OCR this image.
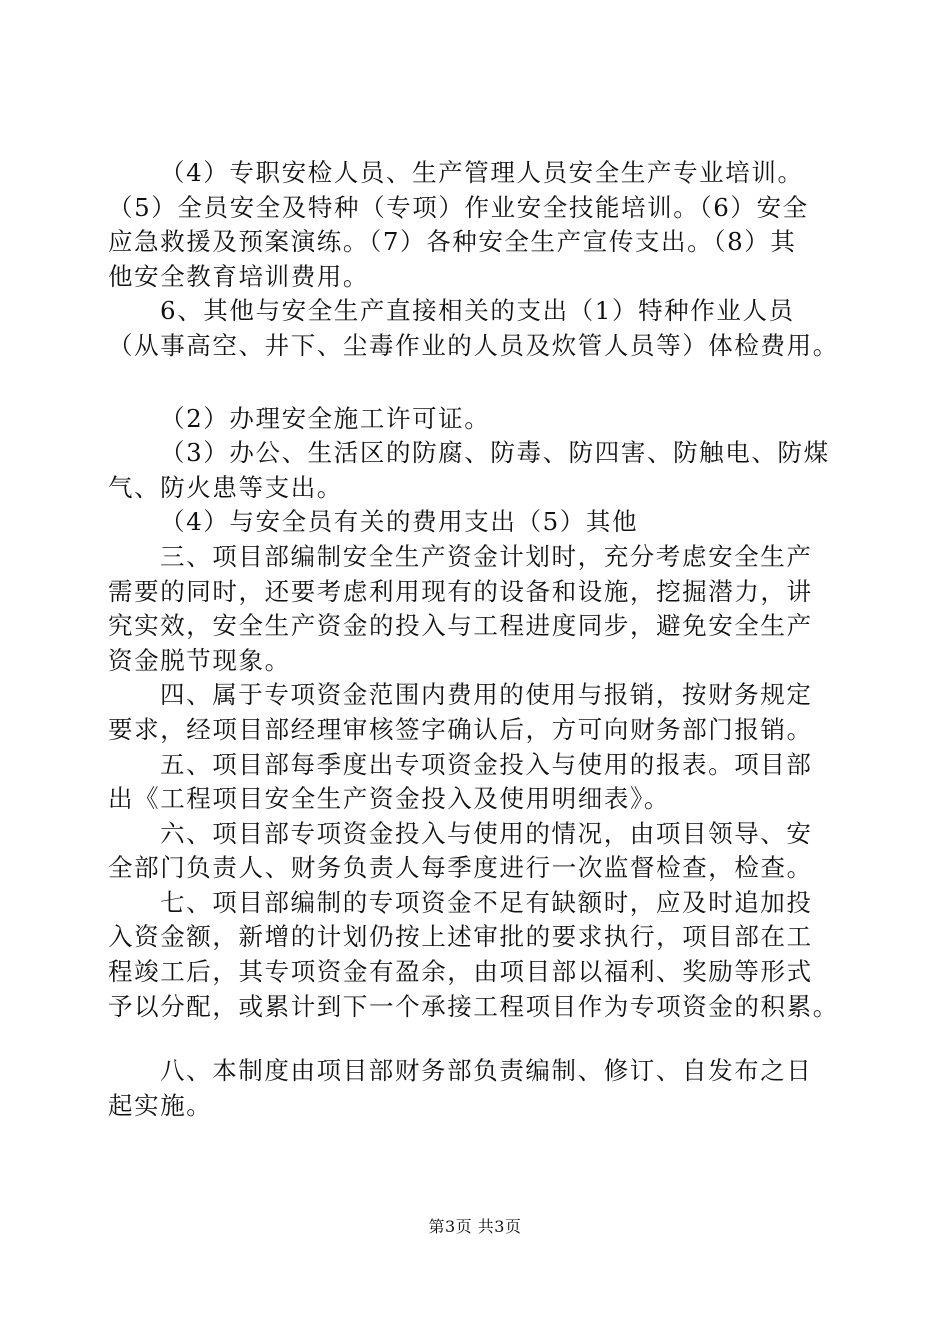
（4）专职安检人员、生产管理人员安全生产专业培训。
（5）全员安全及特种（专项）作业安全技能培训。（6）安全
应急救援及预案演练。（7）各种安全生产宣传支出。（8）其
他安全教育培训费用。
6、其他与安全生产直接相关的支出（1）特种作业人员
（从事高空、井下、尘毒作业的人员及炊管人员等）体检费用。
（2）办理安全施工许可证。
（3）办公、生活区的防腐、防毒、防四害、防触电、防煤
气、防火患等支出。
（4）与安全员有关的费用支出（5）其他
三、项目部编制安全生产资金计划时，充分考虑安全生产
需要的同时，还要考虑利用现有的设备和设施，挖掘潜力，讲
究实效，安全生产资金的投入与工程进度同步，避免安全生产
资金脱节现象。
四、属于专项资金范围内费用的使用与报销，按财务规定
要求，经项目部经理审核签字确认后，方可向财务部门报销。
五、项目部每季度出专项资金投入与使用的报表。项目部
出《工程项目安全生产资金投入及使用明细表》。
六、项目部专项资金投入与使用的情况，由项目领导、安
全部门负责人、财务负责人每季度进行一次监督检查，检查。
七、项目部编制的专项资金不足有缺额时，应及时追加投
入资金额，新增的计划仍按上述审批的要求执行，项目部在工
程竣工后，其专项资金有盈余，由项目部以福利、奖励等形式
予以分配，或累计到下一个承接工程项目作为专项资金的积累。
八、本制度由项目部财务部负责编制、修订、自发布之日
起实施。
第3页 共3页
